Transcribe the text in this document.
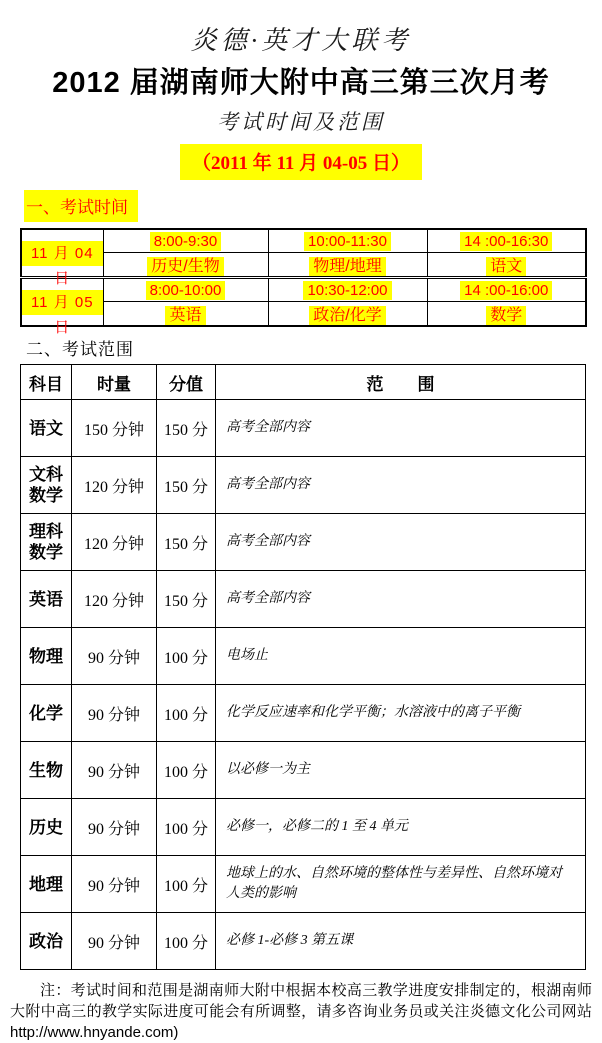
炎德·英才大联考
2012 届湖南师大附中高三第三次月考
考试时间及范围
（2011 年 11 月 04-05 日）
一、考试时间
11 月 04 日	8:00-9:30	10:00-11:30	14 :00-16:30
	历史/生物	物理/地理	语文

11 月 05 日	8:00-10:00	10:30-12:00	14 :00-16:00
	英语	政治/化学	数学
二、考试范围
科目	时量	分值	范　　围
语文	150 分钟	150 分	高考全部内容
文科数学	120 分钟	150 分	高考全部内容
理科数学	120 分钟	150 分	高考全部内容
英语	120 分钟	150 分	高考全部内容
物理	90 分钟	100 分	电场止
化学	90 分钟	100 分	化学反应速率和化学平衡；水溶液中的离子平衡
生物	90 分钟	100 分	以必修一为主
历史	90 分钟	100 分	必修一，必修二的 1 至 4 单元
地理	90 分钟	100 分	地球上的水、自然环境的整体性与差异性、自然环境对人类的影响
政治	90 分钟	100 分	必修 1-必修 3 第五课

注：考试时间和范围是湖南师大附中根据本校高三教学进度安排制定的，根湖南师大附中高三的教学实际进度可能会有所调整，请多咨询业务员或关注炎德文化公司网站 http://www.hnyande.com)
